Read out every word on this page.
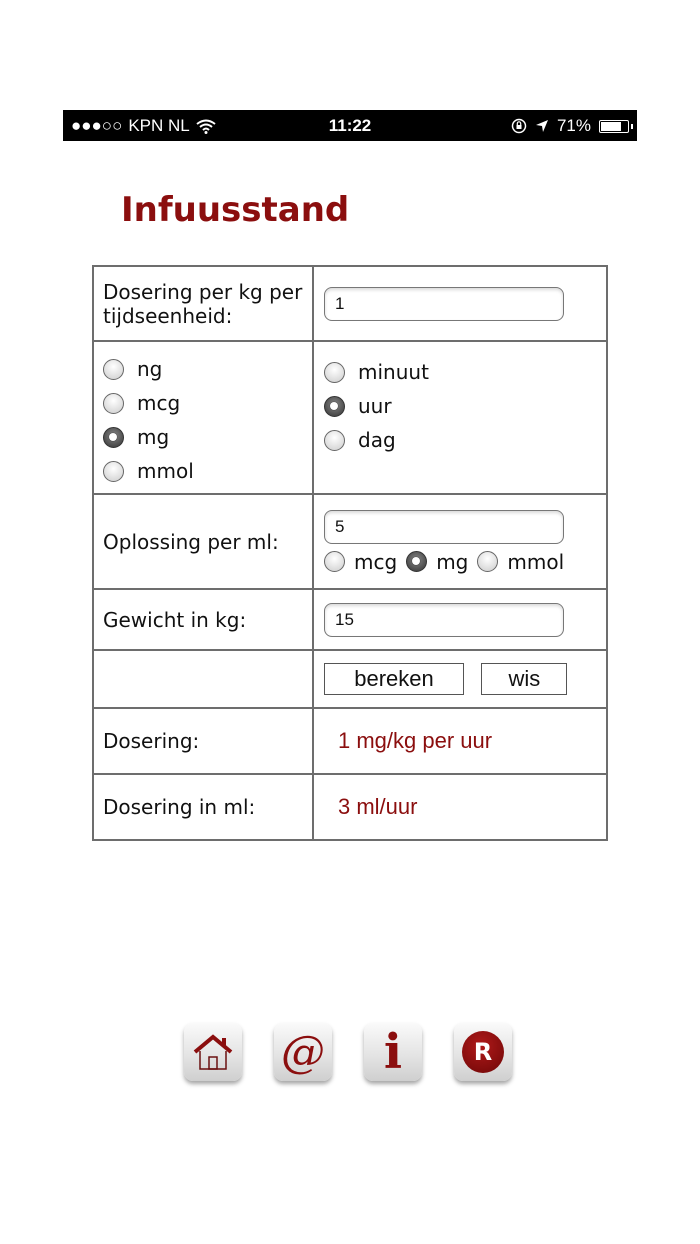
●●●○○ KPN NL	11:22	71%
Infuusstand
Dosering per kg per tijdseenheid:	1

ng
mcg
mg
mmol

minuut
uur
dag

Oplossing per ml:	5
mcg mg mmol

Gewicht in kg:	15

	bereken wis
Dosering:	1 mg/kg per uur
Dosering in ml:	3 ml/uur
@ i	R
